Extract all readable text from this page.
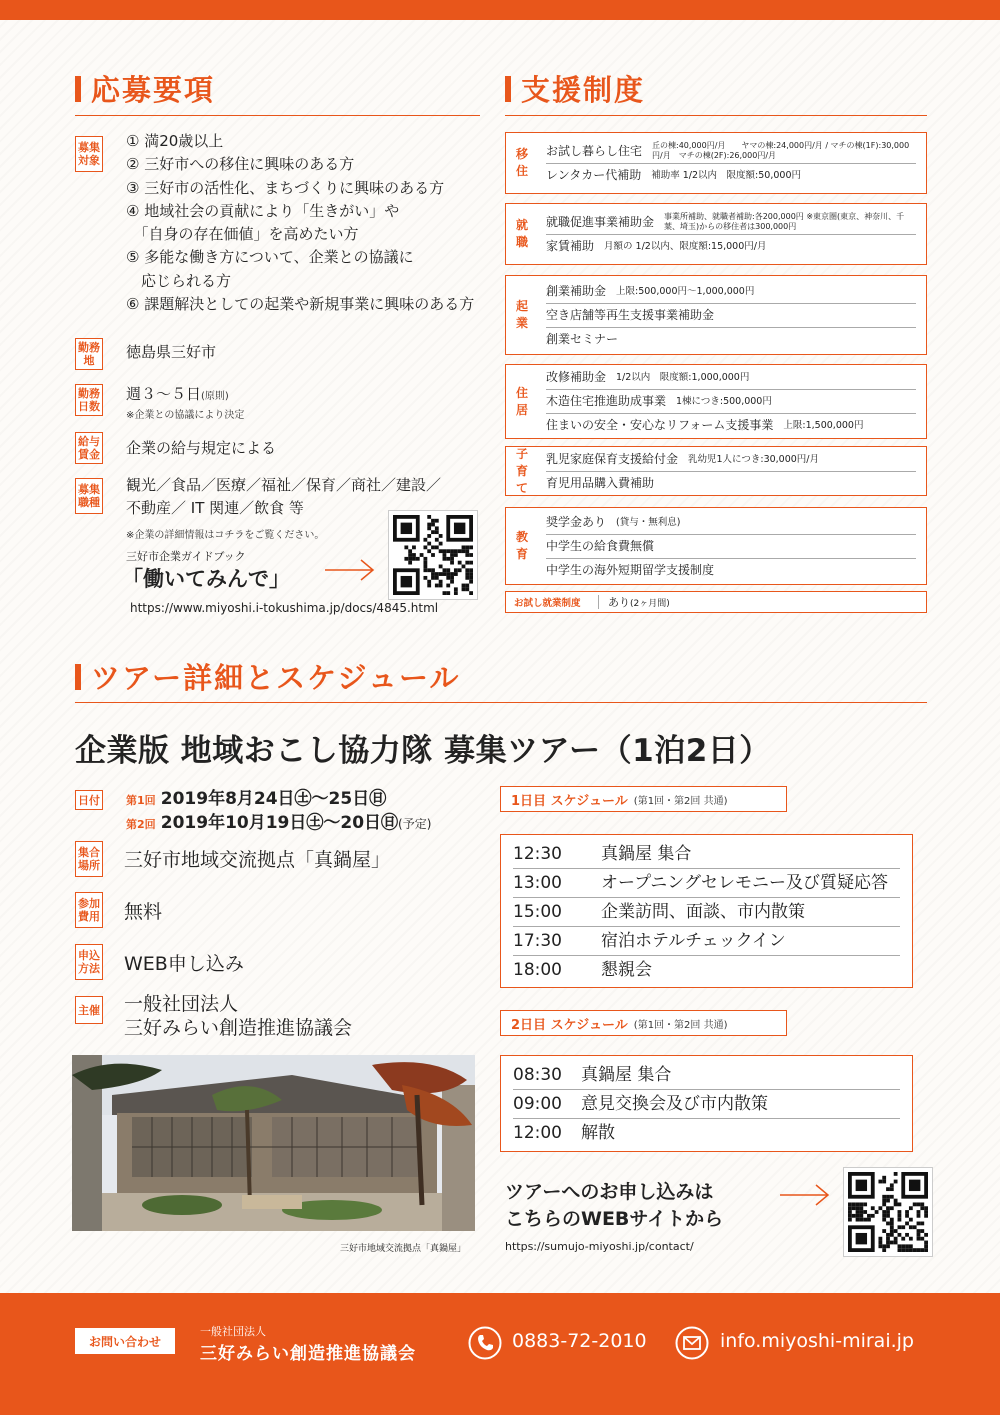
応募要項
募集
対象
① 満20歳以上
② 三好市への移住に興味のある方
③ 三好市の活性化、まちづくりに興味のある方
④ 地域社会の貢献により「生きがい」や
　「自身の存在価値」を高めたい方
⑤ 多能な働き方について、企業との協議に
　応じられる方
⑥ 課題解決としての起業や新規事業に興味のある方
勤務
地	徳島県三好市
勤務
日数
週３～５日(原則)
※企業との協議により決定
給与
賃金 企業の給与規定による
募集
職種
観光／食品／医療／福祉／保育／商社／建設／
不動産／ IT 関連／飲食 等
※企業の詳細情報はコチラをご覧ください。
三好市企業ガイドブック
「働いてみんで」
https://www.miyoshi.i-tokushima.jp/docs/4845.html
支援制度
移
住
お試し暮らし住宅 丘の棟:40,000円/月　　ヤマの棟:24,000円/月 / マチの棟(1F):30,000円/月　マチの棟(2F):26,000円/月
レンタカー代補助 補助率 1/2以内　限度額:50,000円
就
職
就職促進事業補助金 事業所補助、就職者補助:各200,000円 ※東京圏(東京、神奈川、千葉、埼玉)からの移住者は300,000円
家賃補助 月額の 1/2以内、限度額:15,000円/月
起
業
創業補助金 上限:500,000円～1,000,000円
空き店舗等再生支援事業補助金
創業セミナー
住
居
改修補助金 1/2以内　限度額:1,000,000円
木造住宅推進助成事業 1棟につき:500,000円
住まいの安全・安心なリフォーム支援事業 上限:1,500,000円
子
育
て
乳児家庭保育支援給付金 乳幼児1人につき:30,000円/月
育児用品購入費補助
教
育
奨学金あり (貸与・無利息)
中学生の給食費無償
中学生の海外短期留学支援制度
お試し就業制度 あり(2ヶ月間)
ツアー詳細とスケジュール
企業版 地域おこし協力隊 募集ツアー（1泊2日）
日付 第1回 2019年8月24日㊏～25日㊐
第2回 2019年10月19日㊏～20日㊐(予定)
集合
場所 三好市地域交流拠点「真鍋屋」
参加
費用 無料
申込
方法 WEB申し込み
主催 一般社団法人
三好みらい創造推進協議会
三好市地域交流拠点「真鍋屋」
1日目 スケジュール (第1回・第2回 共通)
12:30	真鍋屋 集合
13:00	オープニングセレモニー及び質疑応答
15:00	企業訪問、面談、市内散策
17:30	宿泊ホテルチェックイン
18:00	懇親会
2日目 スケジュール (第1回・第2回 共通)
08:30	真鍋屋 集合
09:00	意見交換会及び市内散策
12:00	解散
ツアーへのお申し込みは
こちらのWEBサイトから
https://sumujo-miyoshi.jp/contact/
お問い合わせ
一般社団法人
三好みらい創造推進協議会
0883-72-2010	info.miyoshi-mirai.jp
